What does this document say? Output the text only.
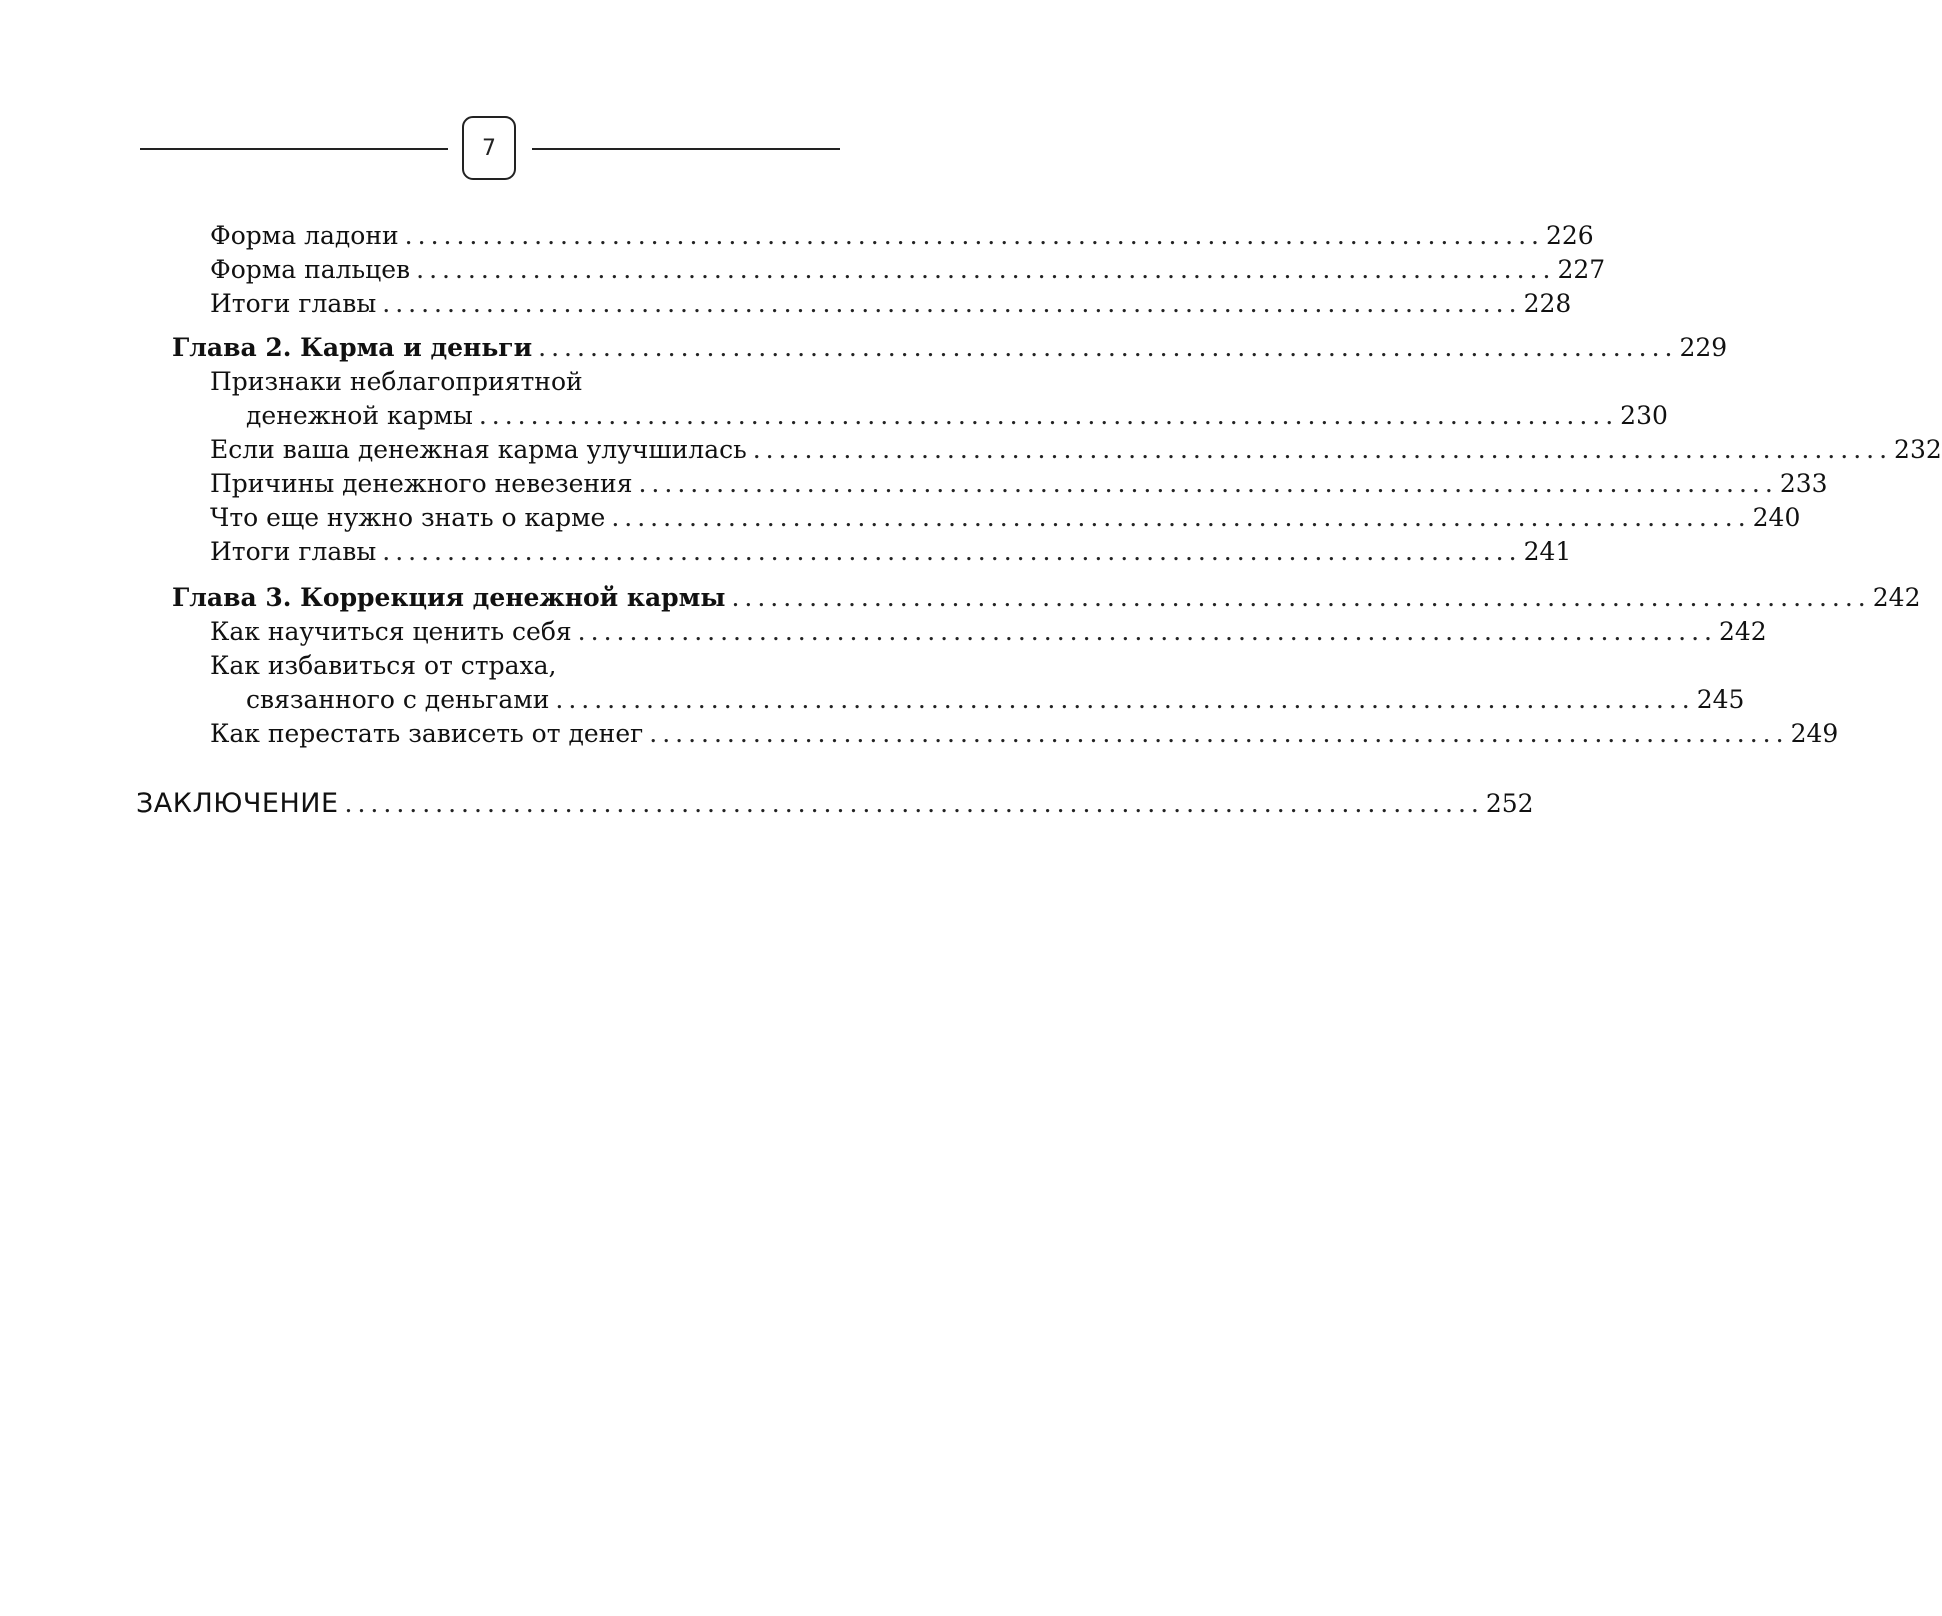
7
Форма ладони ........................................................................................ 226
Форма пальцев ........................................................................................ 227
Итоги главы ........................................................................................ 228
Глава 2. Карма и деньги ........................................................................................ 229
Признаки неблагоприятной
денежной кармы ........................................................................................ 230
Если ваша денежная карма улучшилась ........................................................................................ 232
Причины денежного невезения ........................................................................................ 233
Что еще нужно знать о карме ........................................................................................ 240
Итоги главы ........................................................................................ 241
Глава 3. Коррекция денежной кармы ........................................................................................ 242
Как научиться ценить себя ........................................................................................ 242
Как избавиться от страха,
связанного с деньгами ........................................................................................ 245
Как перестать зависеть от денег ........................................................................................ 249
ЗАКЛЮЧЕНИЕ ........................................................................................ 252
